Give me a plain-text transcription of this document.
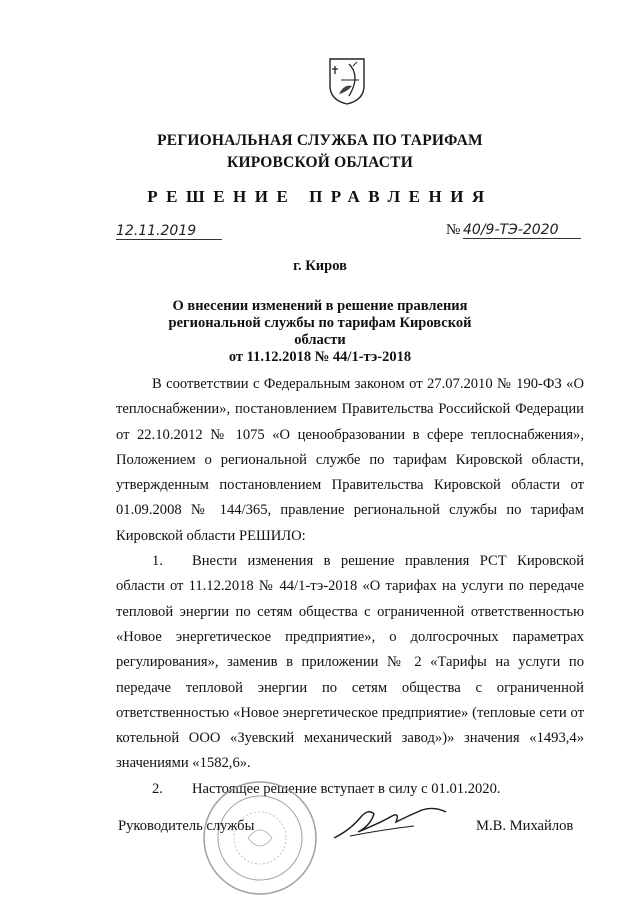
РЕГИОНАЛЬНАЯ СЛУЖБА ПО ТАРИФАМ
КИРОВСКОЙ ОБЛАСТИ
РЕШЕНИЕ ПРАВЛЕНИЯ
12.11.2019	№ 40/9-ТЭ-2020
г. Киров
О внесении изменений в решение правления
региональной службы по тарифам Кировской области
от 11.12.2018 № 44/1-тэ-2018

В соответствии с Федеральным законом от 27.07.2010 № 190-ФЗ «О теплоснабжении», постановлением Правительства Российской Федерации от 22.10.2012 № 1075 «О ценообразовании в сфере теплоснабжения», Положением о региональной службе по тарифам Кировской области, утвержденным постановлением Правительства Кировской области от 01.09.2008 № 144/365, правление региональной службы по тарифам Кировской области РЕШИЛО:

1. Внести изменения в решение правления РСТ Кировской области от 11.12.2018 № 44/1-тэ-2018 «О тарифах на услуги по передаче тепловой энергии по сетям общества с ограниченной ответственностью «Новое энергетическое предприятие», о долгосрочных параметрах регулирования», заменив в приложении № 2 «Тарифы на услуги по передаче тепловой энергии по сетям общества с ограниченной ответственностью «Новое энергетическое предприятие» (тепловые сети от котельной ООО «Зуевский механический завод»)» значения «1493,4» значениями «1582,6».

2. Настоящее решение вступает в силу с 01.01.2020.

Руководитель службы	М.В. Михайлов
